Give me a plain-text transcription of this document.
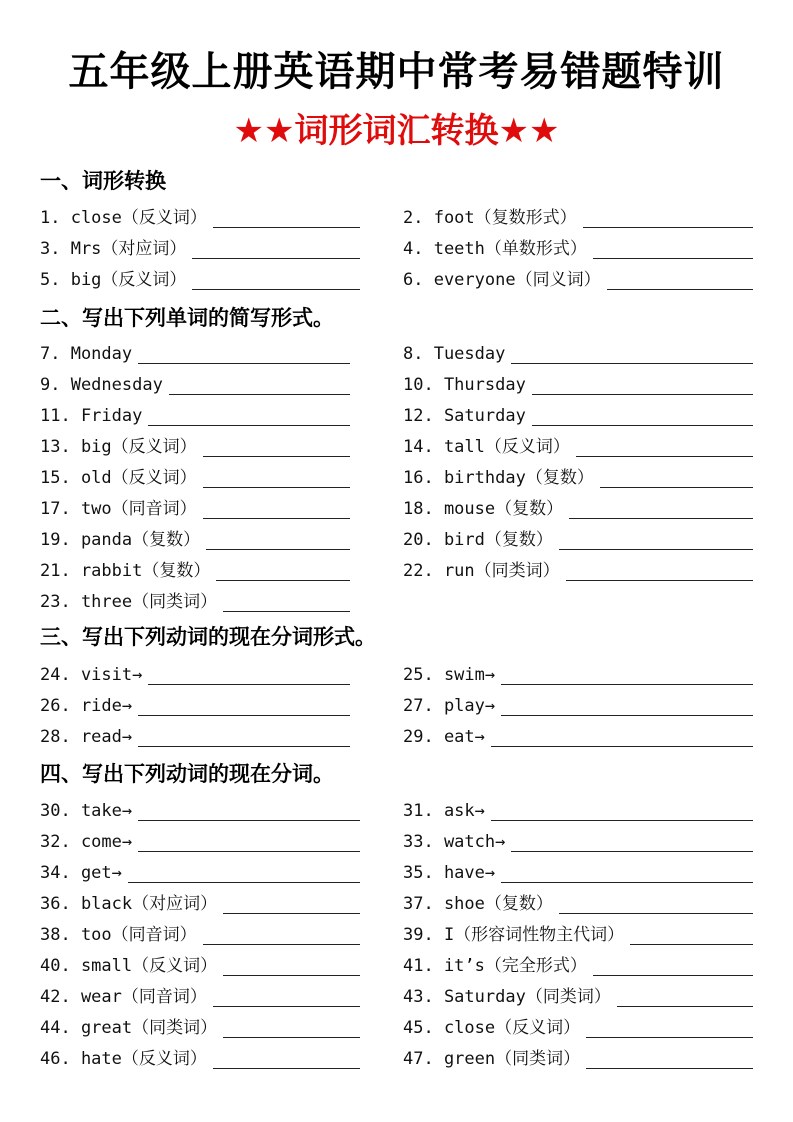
五年级上册英语期中常考易错题特训
★★词形词汇转换★★
一、词形转换
1. close（反义词）	2. foot（复数形式）
3. Mrs（对应词）	4. teeth（单数形式）
5. big（反义词）	6. everyone（同义词）
二、写出下列单词的简写形式。
7. Monday	8. Tuesday
9. Wednesday	10. Thursday
11. Friday	12. Saturday
13. big（反义词）	14. tall（反义词）
15. old（反义词）	16. birthday（复数）
17. two（同音词）	18. mouse（复数）
19. panda（复数）	20. bird（复数）
21. rabbit（复数）	22. run（同类词）
23. three（同类词）
三、写出下列动词的现在分词形式。
24. visit→	25. swim→
26. ride→	27. play→
28. read→	29. eat→
四、写出下列动词的现在分词。
30. take→	31. ask→
32. come→	33. watch→
34. get→	35. have→
36. black（对应词）	37. shoe（复数）
38. too（同音词）	39. I（形容词性物主代词）
40. small（反义词）	41. it’s（完全形式）
42. wear（同音词）	43. Saturday（同类词）
44. great（同类词）	45. close（反义词）
46. hate（反义词）	47. green（同类词）
